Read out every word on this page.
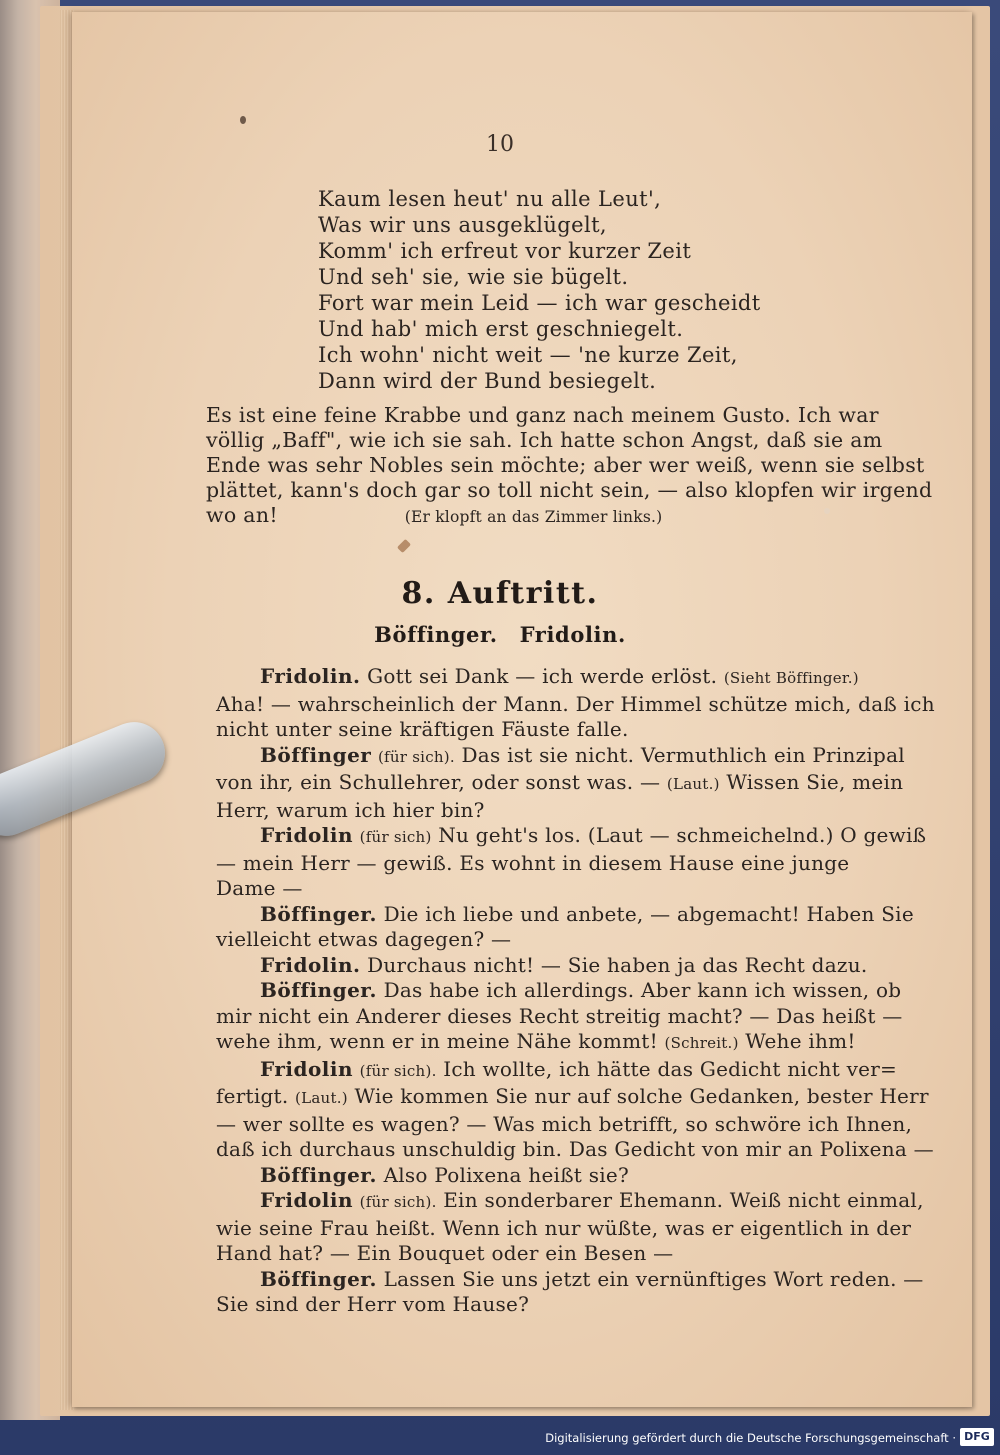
10
Kaum lesen heut' nu alle Leut',
Was wir uns ausgeklügelt,
Komm' ich erfreut vor kurzer Zeit
Und seh' sie, wie sie bügelt.
Fort war mein Leid — ich war gescheidt
Und hab' mich erst geschniegelt.
Ich wohn' nicht weit — 'ne kurze Zeit,
Dann wird der Bund besiegelt.
Es ist eine feine Krabbe und ganz nach meinem Gusto. Ich war
völlig „Baff", wie ich sie sah. Ich hatte schon Angst, daß sie am
Ende was sehr Nobles sein möchte; aber wer weiß, wenn sie selbst
plättet, kann's doch gar so toll nicht sein, — also klopfen wir irgend
wo an!	(Er klopft an das Zimmer links.)
8. Auftritt.
Böffinger. Fridolin.
Fridolin. Gott sei Dank — ich werde erlöst. (Sieht Böffinger.)
Aha! — wahrscheinlich der Mann. Der Himmel schütze mich, daß ich
nicht unter seine kräftigen Fäuste falle.
Böffinger (für sich). Das ist sie nicht. Vermuthlich ein Prinzipal
von ihr, ein Schullehrer, oder sonst was. — (Laut.) Wissen Sie, mein
Herr, warum ich hier bin?
Fridolin (für sich) Nu geht's los. (Laut — schmeichelnd.) O gewiß
— mein Herr — gewiß. Es wohnt in diesem Hause eine junge
Dame —
Böffinger. Die ich liebe und anbete, — abgemacht! Haben Sie
vielleicht etwas dagegen? —
Fridolin. Durchaus nicht! — Sie haben ja das Recht dazu.
Böffinger. Das habe ich allerdings. Aber kann ich wissen, ob
mir nicht ein Anderer dieses Recht streitig macht? — Das heißt —
wehe ihm, wenn er in meine Nähe kommt! (Schreit.) Wehe ihm!
Fridolin (für sich). Ich wollte, ich hätte das Gedicht nicht ver=
fertigt. (Laut.) Wie kommen Sie nur auf solche Gedanken, bester Herr
— wer sollte es wagen? — Was mich betrifft, so schwöre ich Ihnen,
daß ich durchaus unschuldig bin. Das Gedicht von mir an Polixena —
Böffinger. Also Polixena heißt sie?
Fridolin (für sich). Ein sonderbarer Ehemann. Weiß nicht einmal,
wie seine Frau heißt. Wenn ich nur wüßte, was er eigentlich in der
Hand hat? — Ein Bouquet oder ein Besen —
Böffinger. Lassen Sie uns jetzt ein vernünftiges Wort reden. —
Sie sind der Herr vom Hause?
Digitalisierung gefördert durch die Deutsche Forschungsgemeinschaft · DFG
